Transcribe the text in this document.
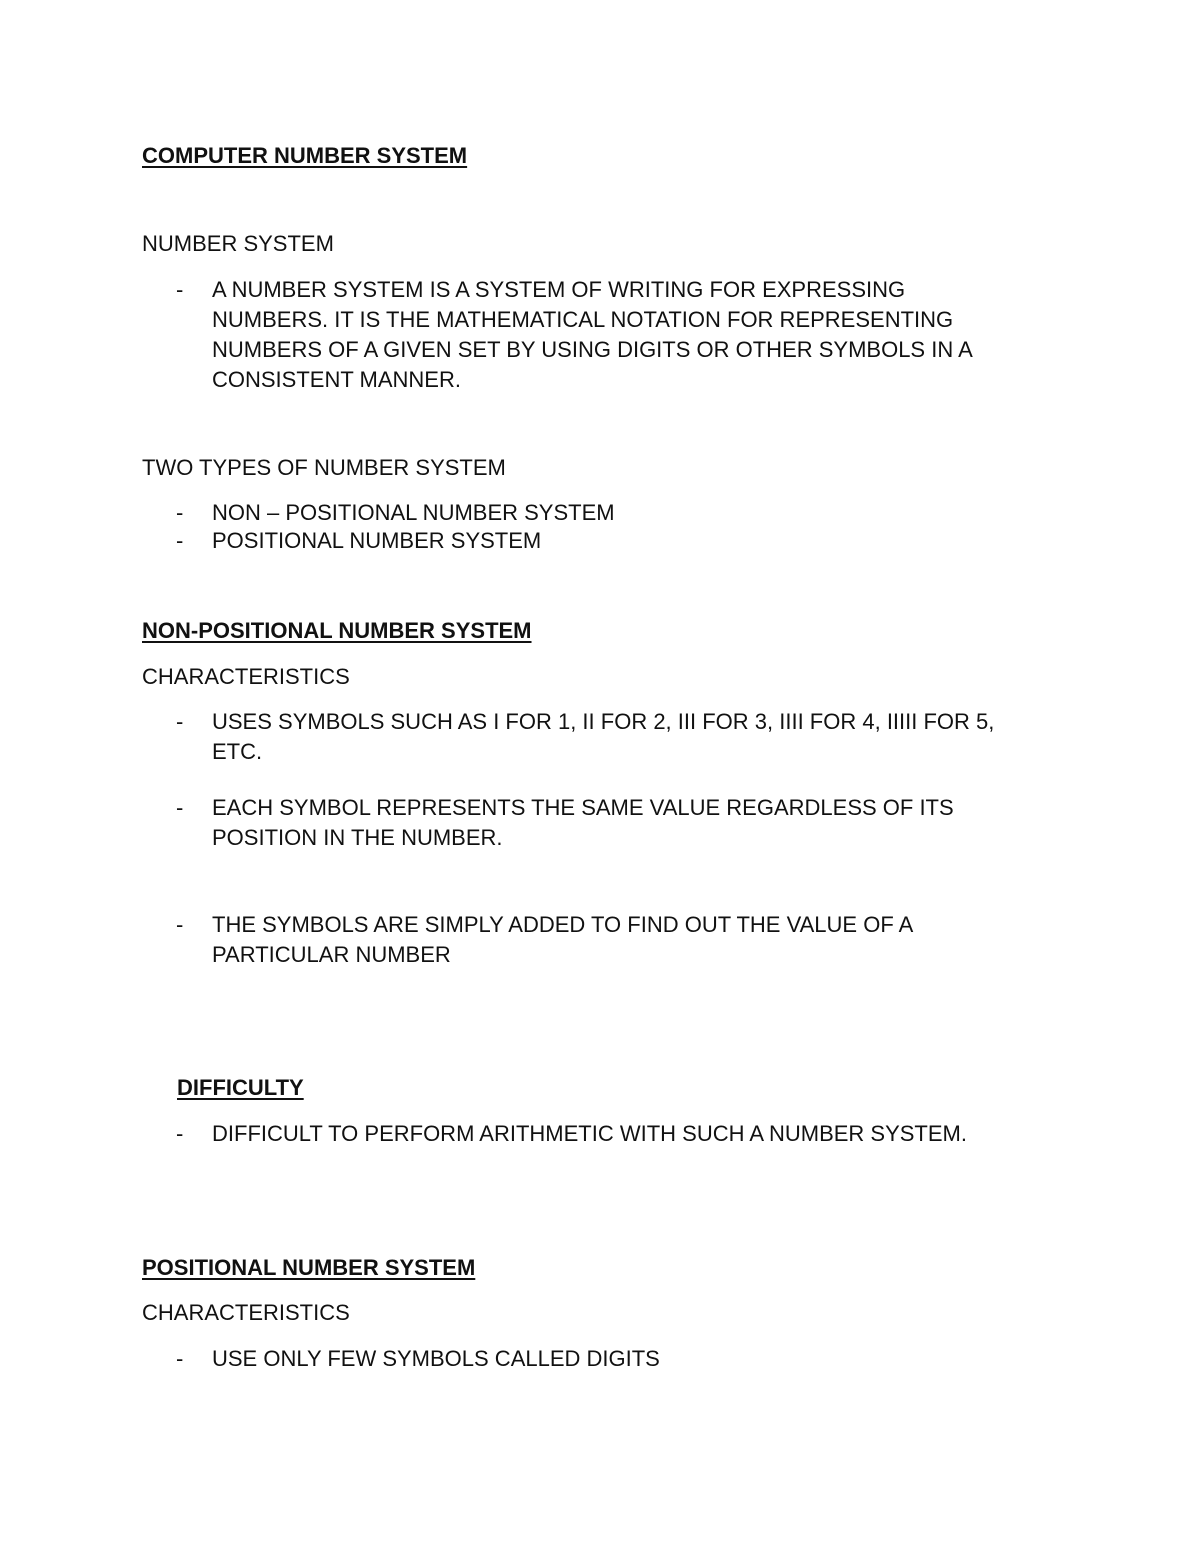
COMPUTER NUMBER SYSTEM
NUMBER SYSTEM
- A NUMBER SYSTEM IS A SYSTEM OF WRITING FOR EXPRESSING
NUMBERS. IT IS THE MATHEMATICAL NOTATION FOR REPRESENTING
NUMBERS OF A GIVEN SET BY USING DIGITS OR OTHER SYMBOLS IN A
CONSISTENT MANNER.
TWO TYPES OF NUMBER SYSTEM
- NON – POSITIONAL NUMBER SYSTEM
- POSITIONAL NUMBER SYSTEM
NON-POSITIONAL NUMBER SYSTEM
CHARACTERISTICS
- USES SYMBOLS SUCH AS I FOR 1, II FOR 2, III FOR 3, IIII FOR 4, IIIII FOR 5,
ETC.
- EACH SYMBOL REPRESENTS THE SAME VALUE REGARDLESS OF ITS
POSITION IN THE NUMBER.
- THE SYMBOLS ARE SIMPLY ADDED TO FIND OUT THE VALUE OF A
PARTICULAR NUMBER
DIFFICULTY
- DIFFICULT TO PERFORM ARITHMETIC WITH SUCH A NUMBER SYSTEM.
POSITIONAL NUMBER SYSTEM
CHARACTERISTICS
- USE ONLY FEW SYMBOLS CALLED DIGITS
